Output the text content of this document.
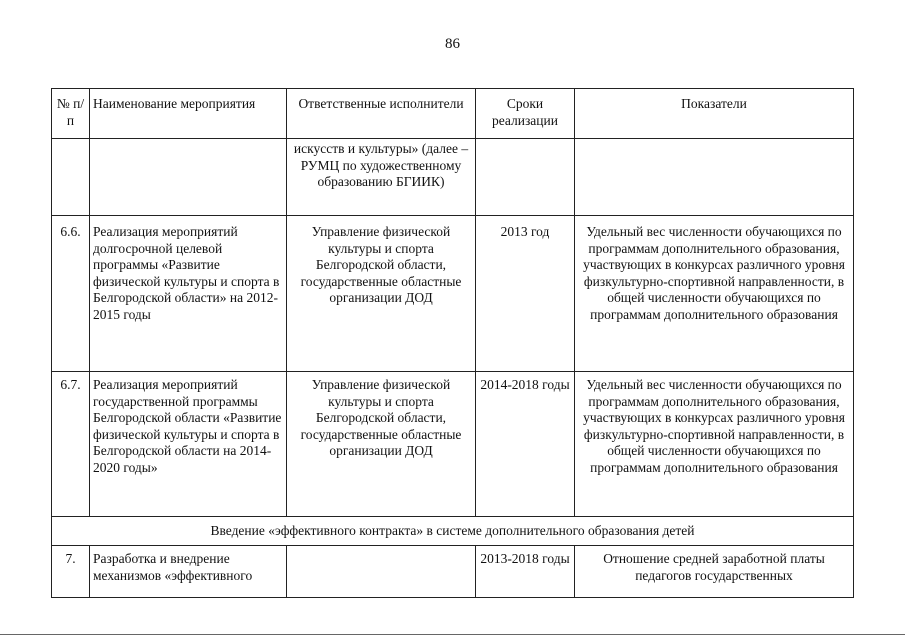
86
№ п/п	Наименование мероприятия	Ответственные исполнители	Сроки реализации	Показатели
		искусств и культуры» (далее – РУМЦ по художественному образованию БГИИК)		
6.6.	Реализация мероприятий долгосрочной целевой программы «Развитие физической культуры и спорта в Белгородской области» на 2012-2015 годы	Управление физической культуры и спорта Белгородской области, государственные областные организации ДОД	2013 год	Удельный вес численности обучающихся по программам дополнительного образования, участвующих в конкурсах различного уровня физкультурно-спортивной направленности, в общей численности обучающихся по программам дополнительного образования
6.7.	Реализация мероприятий государственной программы Белгородской области «Развитие физической культуры и спорта в Белгородской области на 2014-2020 годы»	Управление физической культуры и спорта Белгородской области, государственные областные организации ДОД	2014-2018 годы	Удельный вес численности обучающихся по программам дополнительного образования, участвующих в конкурсах различного уровня физкультурно-спортивной направленности, в общей численности обучающихся по программам дополнительного образования
Введение «эффективного контракта» в системе дополнительного образования детей				
7.	Разработка и внедрение механизмов «эффективного		2013-2018 годы	Отношение средней заработной платы педагогов государственных
